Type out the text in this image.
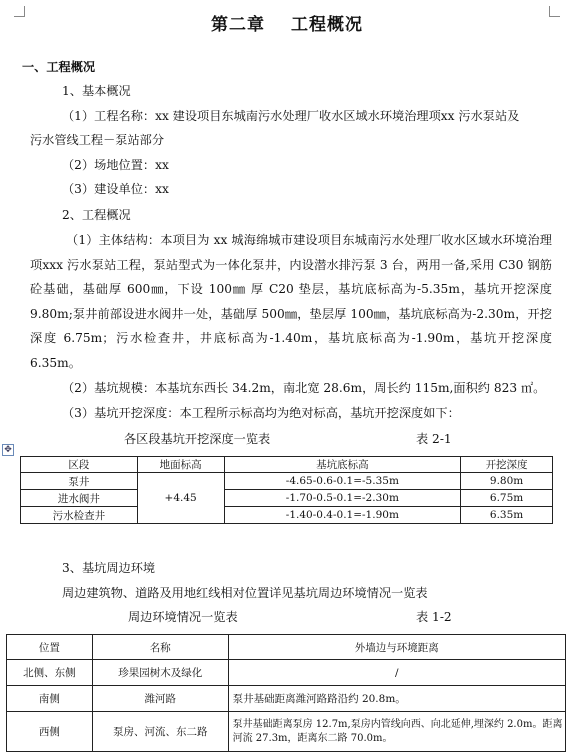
第二章 工程概况
一、工程概况
1、基本概况
（1）工程名称：xx 建设项目东城南污水处理厂收水区域水环境治理项xx 污水泵站及
污水管线工程－泵站部分
（2）场地位置：xx
（3）建设单位：xx
2、工程概况
（1）主体结构：本项目为 xx 城海绵城市建设项目东城南污水处理厂收水区域水环境治理项xxx 污水泵站工程，泵站型式为一体化泵井，内设潜水排污泵 3 台，两用一备,采用 C30 钢筋砼基础，基础厚 600㎜，下设 100㎜ 厚 C20 垫层，基坑底标高为-5.35m，基坑开挖深度 9.80m;泵井前部设进水阀井一处，基础厚 500㎜，垫层厚 100㎜，基坑底标高为-2.30m，开挖深度 6.75m；污水检查井，井底标高为-1.40m，基坑底标高为-1.90m，基坑开挖深度 6.35m。
（2）基坑规模：本基坑东西长 34.2m，南北宽 28.6m，周长约 115m,面积约 823 ㎡。
（3）基坑开挖深度：本工程所示标高均为绝对标高，基坑开挖深度如下：
✥
各区段基坑开挖深度一览表	表 2-1
区段	地面标高	基坑底标高	开挖深度
泵井	+4.45	-4.65-0.6-0.1=-5.35m	9.80m
进水阀井		-1.70-0.5-0.1=-2.30m	6.75m
污水检查井		-1.40-0.4-0.1=-1.90m	6.35m
3、基坑周边环境
周边建筑物、道路及用地红线相对位置详见基坑周边环境情况一览表
周边环境情况一览表	表 1-2
位置	名称	外墙边与环境距离
北侧、东侧	珍果园树木及绿化	/
南侧	潍河路	泵井基础距离潍河路路沿约 20.8m。
西侧	泵房、河流、东二路	泵井基础距离泵房 12.7m,泵房内管线向西、向北延伸,埋深约 2.0m。距离河流 27.3m，距离东二路 70.0m。
